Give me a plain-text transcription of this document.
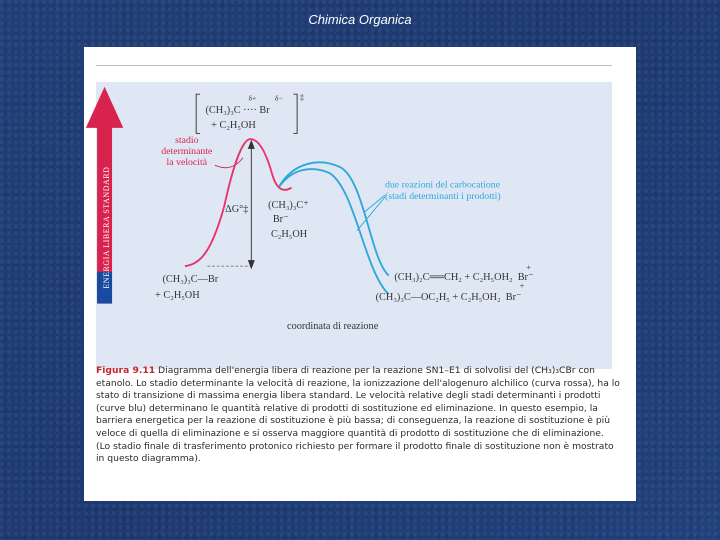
Chimica Organica
ENERGIA LIBERA STANDARD
δ+          δ−
(CH₃)₃C ···· Br
+ C₂H₅OH
‡
stadio
determinante
la velocità
ΔG°‡ (CH₃)₃C⁺
Br⁻
C₂H₅OH
(CH₃)₃C—Br
+ C₂H₅OH
due reazioni del carbocatione
(stadi determinanti i prodotti)
+
(CH₃)₂C══CH₂ + C₂H₅OH₂  Br⁻
+
(CH₃)₃C—OC₂H₅ + C₂H₅OH₂  Br⁻
coordinata di reazione
Figura 9.11 Diagramma dell'energia libera di reazione per la reazione SN1–E1 di solvolisi del (CH₃)₃CBr con etanolo. Lo stadio determinante la velocità di reazione, la ionizzazione dell'alogenuro alchilico (curva rossa), ha lo stato di transizione di massima energia libera standard. Le velocità relative degli stadi determinanti i prodotti (curve blu) determinano le quantità relative di prodotti di sostituzione ed eliminazione. In questo esempio, la barriera energetica per la reazione di sostituzione è più bassa; di conseguenza, la reazione di sostituzione è più veloce di quella di eliminazione e si osserva maggiore quantità di prodotto di sostituzione che di eliminazione. (Lo stadio finale di trasferimento protonico richiesto per formare il prodotto finale di sostituzione non è mostrato in questo diagramma).
